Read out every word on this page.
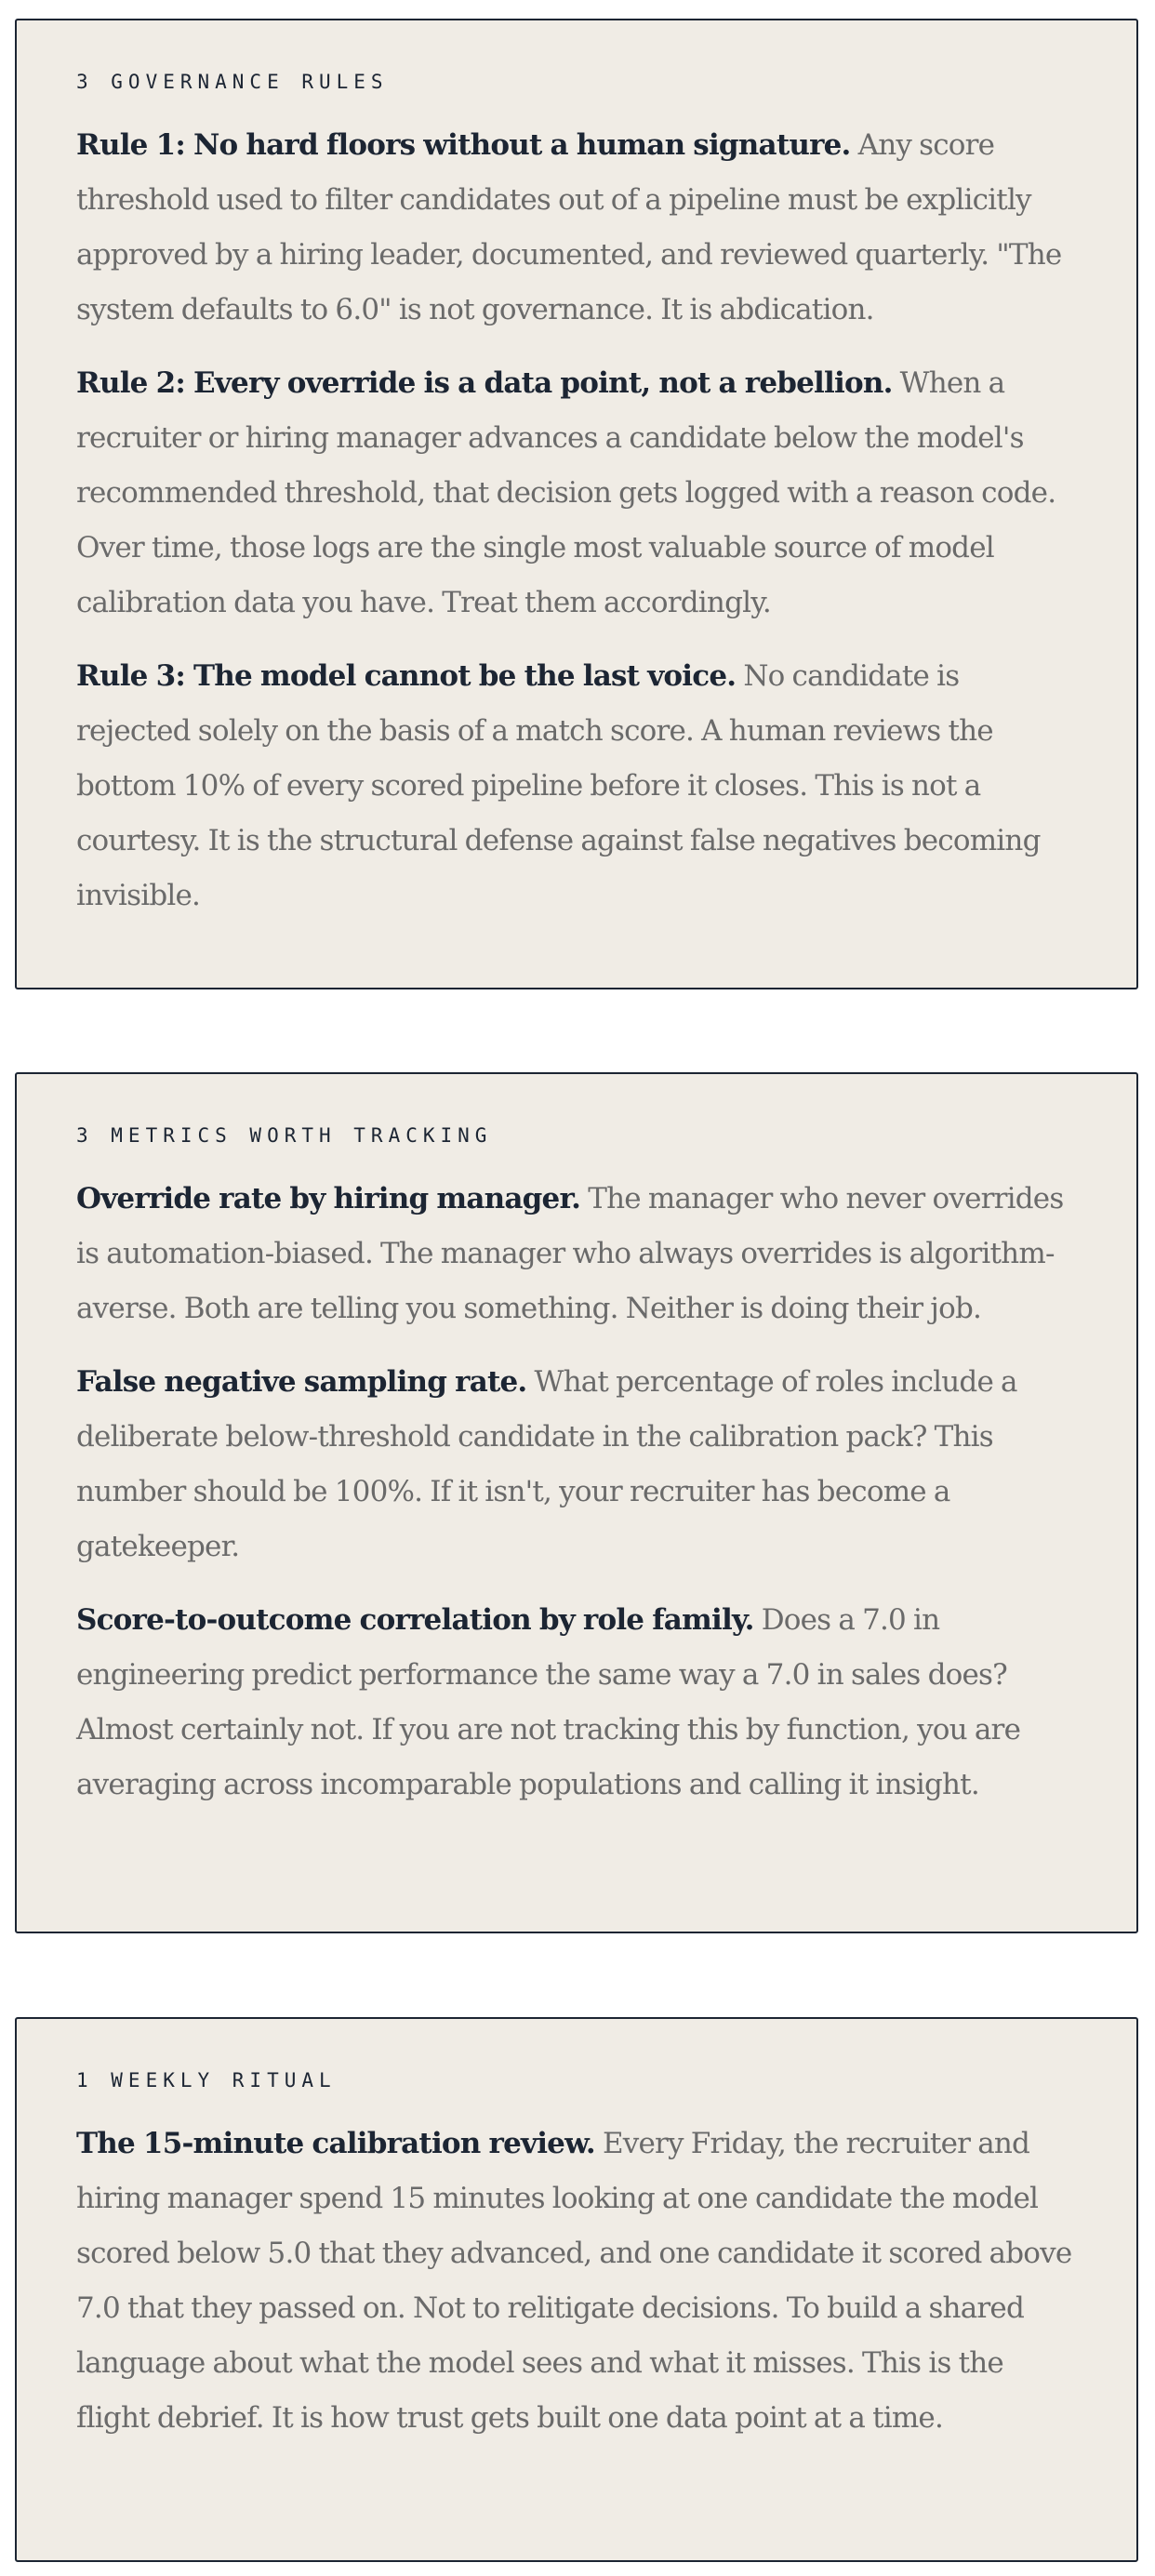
3 GOVERNANCE RULES

Rule 1: No hard floors without a human signature. Any score threshold used to filter candidates out of a pipeline must be explicitly approved by a hiring leader, documented, and reviewed quarterly. "The system defaults to 6.0" is not governance. It is abdication.

Rule 2: Every override is a data point, not a rebellion. When a recruiter or hiring manager advances a candidate below the model's recommended threshold, that decision gets logged with a reason code. Over time, those logs are the single most valuable source of model calibration data you have. Treat them accordingly.

Rule 3: The model cannot be the last voice. No candidate is rejected solely on the basis of a match score. A human reviews the bottom 10% of every scored pipeline before it closes. This is not a courtesy. It is the structural defense against false negatives becoming invisible.

3 METRICS WORTH TRACKING

Override rate by hiring manager. The manager who never overrides is automation-biased. The manager who always overrides is algorithm-averse. Both are telling you something. Neither is doing their job.

False negative sampling rate. What percentage of roles include a deliberate below-threshold candidate in the calibration pack? This number should be 100%. If it isn't, your recruiter has become a gatekeeper.

Score-to-outcome correlation by role family. Does a 7.0 in engineering predict performance the same way a 7.0 in sales does? Almost certainly not. If you are not tracking this by function, you are averaging across incomparable populations and calling it insight.

1 WEEKLY RITUAL

The 15-minute calibration review. Every Friday, the recruiter and hiring manager spend 15 minutes looking at one candidate the model scored below 5.0 that they advanced, and one candidate it scored above 7.0 that they passed on. Not to relitigate decisions. To build a shared language about what the model sees and what it misses. This is the flight debrief. It is how trust gets built one data point at a time.
